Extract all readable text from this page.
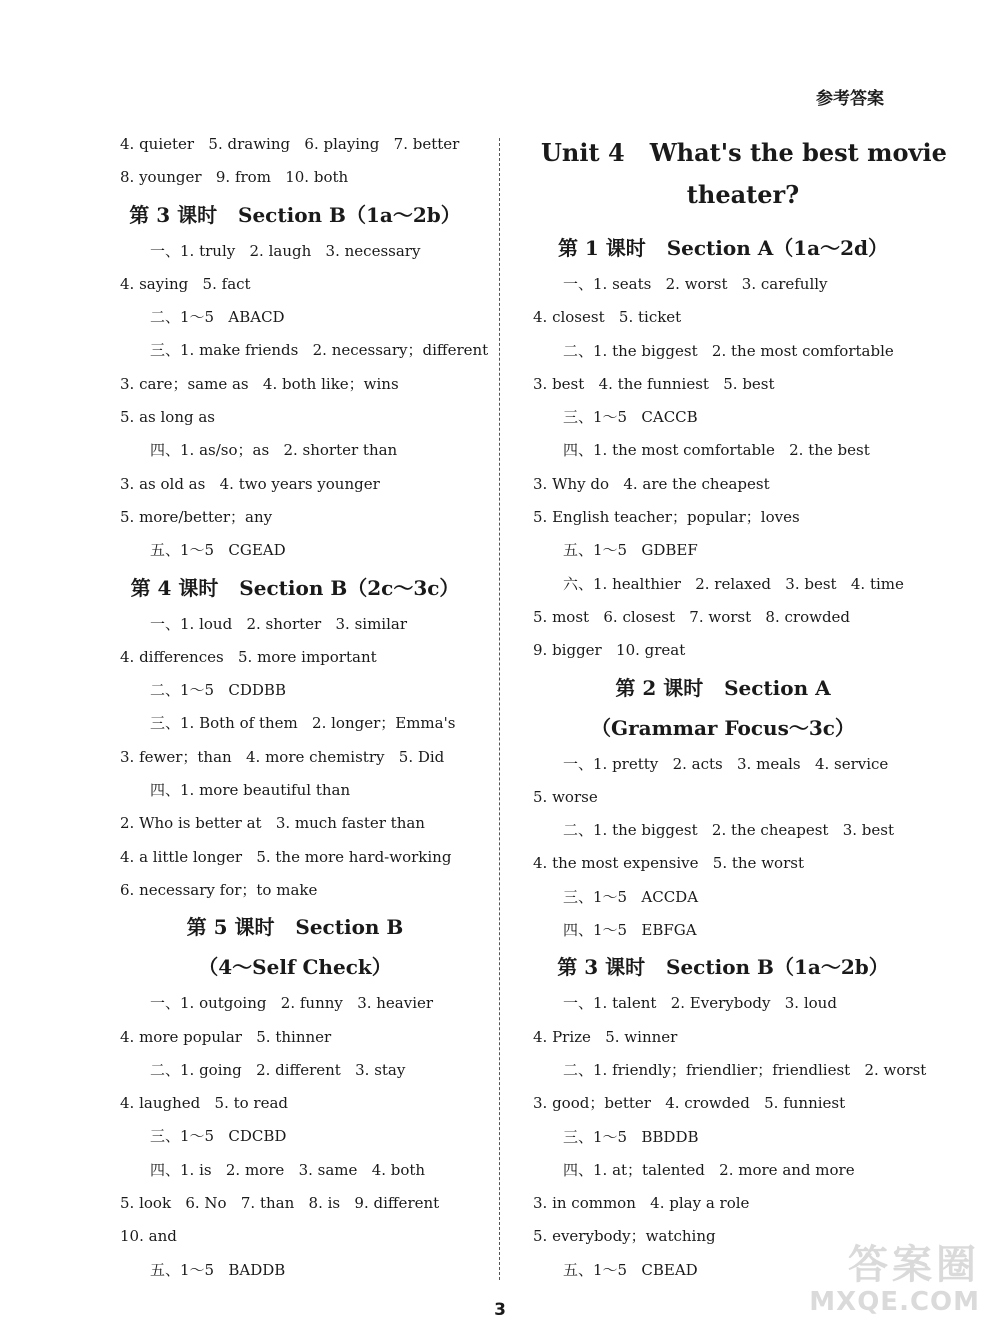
参考答案
4. quieter   5. drawing   6. playing   7. better
8. younger   9. from   10. both
第 3 课时   Section B（1a～2b）
一、1. truly   2. laugh   3. necessary
4. saying   5. fact
二、1～5   ABACD
三、1. make friends   2. necessary；different
3. care；same as   4. both like；wins
5. as long as
四、1. as/so；as   2. shorter than
3. as old as   4. two years younger
5. more/better；any
五、1～5   CGEAD
第 4 课时   Section B（2c～3c）
一、1. loud   2. shorter   3. similar
4. differences   5. more important
二、1～5   CDDBB
三、1. Both of them   2. longer；Emma's
3. fewer；than   4. more chemistry   5. Did
四、1. more beautiful than
2. Who is better at   3. much faster than
4. a little longer   5. the more hard-working
6. necessary for；to make
第 5 课时   Section B
（4～Self Check）
一、1. outgoing   2. funny   3. heavier
4. more popular   5. thinner
二、1. going   2. different   3. stay
4. laughed   5. to read
三、1～5   CDCBD
四、1. is   2. more   3. same   4. both
5. look   6. No   7. than   8. is   9. different
10. and
五、1～5   BADDB
Unit 4   What's the best movie
theater?
第 1 课时   Section A（1a～2d）
一、1. seats   2. worst   3. carefully
4. closest   5. ticket
二、1. the biggest   2. the most comfortable
3. best   4. the funniest   5. best
三、1～5   CACCB
四、1. the most comfortable   2. the best
3. Why do   4. are the cheapest
5. English teacher；popular；loves
五、1～5   GDBEF
六、1. healthier   2. relaxed   3. best   4. time
5. most   6. closest   7. worst   8. crowded
9. bigger   10. great
第 2 课时   Section A
（Grammar Focus～3c）
一、1. pretty   2. acts   3. meals   4. service
5. worse
二、1. the biggest   2. the cheapest   3. best
4. the most expensive   5. the worst
三、1～5   ACCDA
四、1～5   EBFGA
第 3 课时   Section B（1a～2b）
一、1. talent   2. Everybody   3. loud
4. Prize   5. winner
二、1. friendly；friendlier；friendliest   2. worst
3. good；better   4. crowded   5. funniest
三、1～5   BBDDB
四、1. at；talented   2. more and more
3. in common   4. play a role
5. everybody；watching
五、1～5   CBEAD
3
答案圈
MXQE.COM
